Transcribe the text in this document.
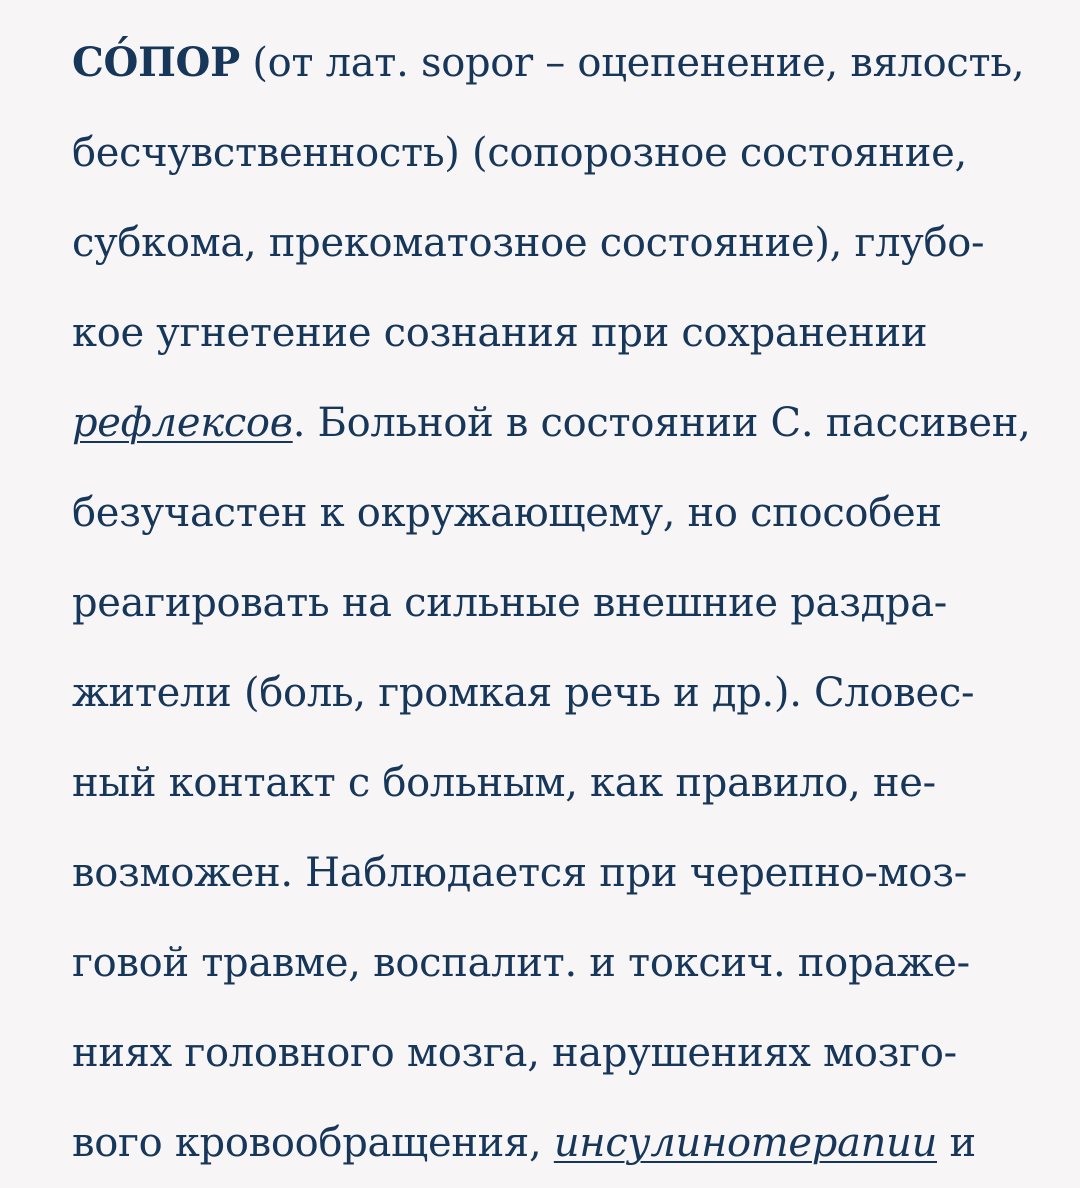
СО́ПОР (от лат. sopor – оцепенение, вялость,
бесчувственность) (сопорозное состояние,
субкома, прекоматозное состояние), глубо-
кое угнетение сознания при сохранении
рефлексов. Больной в состоянии С. пассивен,
безучастен к окружающему, но способен
реагировать на сильные внешние раздра-
жители (боль, громкая речь и др.). Словес-
ный контакт с больным, как правило, не-
возможен. Наблюдается при черепно-моз-
говой травме, воспалит. и токсич. пораже-
ниях головного мозга, нарушениях мозго-
вого кровообращения, инсулинотерапии и
